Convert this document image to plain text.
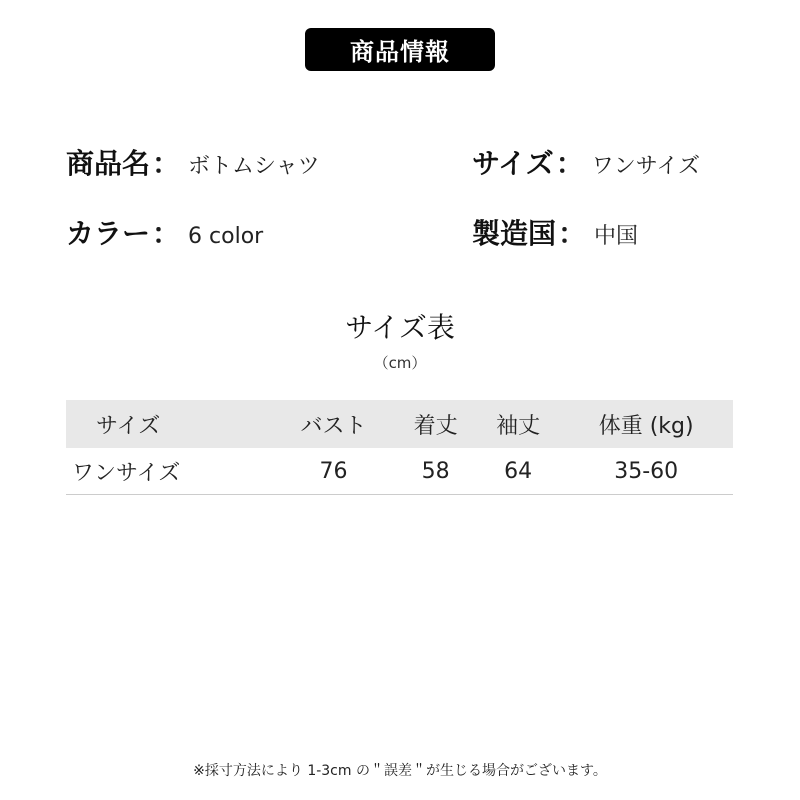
商品情報
商品名 ： ボトムシャツ	サイズ ： ワンサイズ
カラー ： 6 color	製造国 ： 中国
サイズ表
（cm）
サイズ	バスト	着丈	袖丈	体重 (kg)
ワンサイズ	76	58	64	35-60
※採寸方法により 1-3cm の＂誤差＂が生じる場合がございます。
